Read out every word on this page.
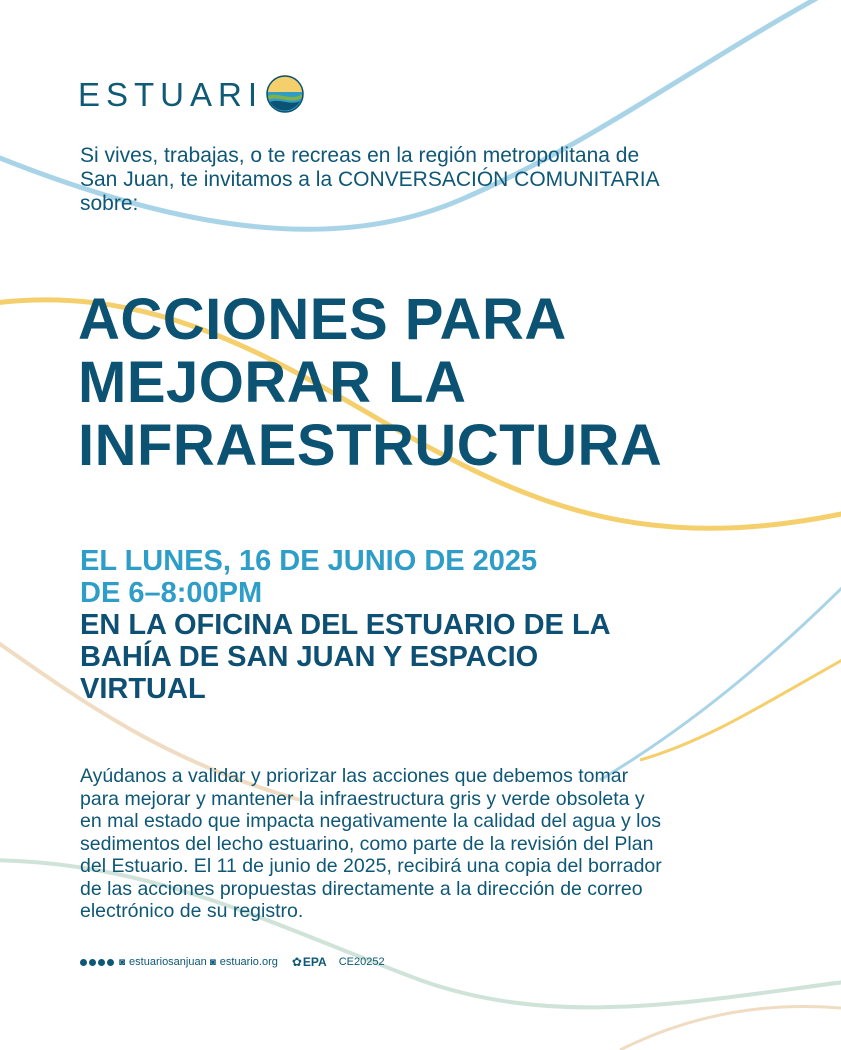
ESTUARI
Si vives, trabajas, o te recreas en la región metropolitana de
San Juan, te invitamos a la CONVERSACIÓN COMUNITARIA
sobre:
ACCIONES PARA
MEJORAR LA
INFRAESTRUCTURA
EL LUNES, 16 DE JUNIO DE 2025
DE 6–8:00PM
EN LA OFICINA DEL ESTUARIO DE LA
BAHÍA DE SAN JUAN Y ESPACIO
VIRTUAL
Ayúdanos a validar y priorizar las acciones que debemos tomar
para mejorar y mantener la infraestructura gris y verde obsoleta y
en mal estado que impacta negativamente la calidad del agua y los
sedimentos del lecho estuarino, como parte de la revisión del Plan
del Estuario. El 11 de junio de 2025, recibirá una copia del borrador
de las acciones propuestas directamente a la dirección de correo
electrónico de su registro.
◙ estuariosanjuan ◙ estuario.org ✿ EPA CE20252
